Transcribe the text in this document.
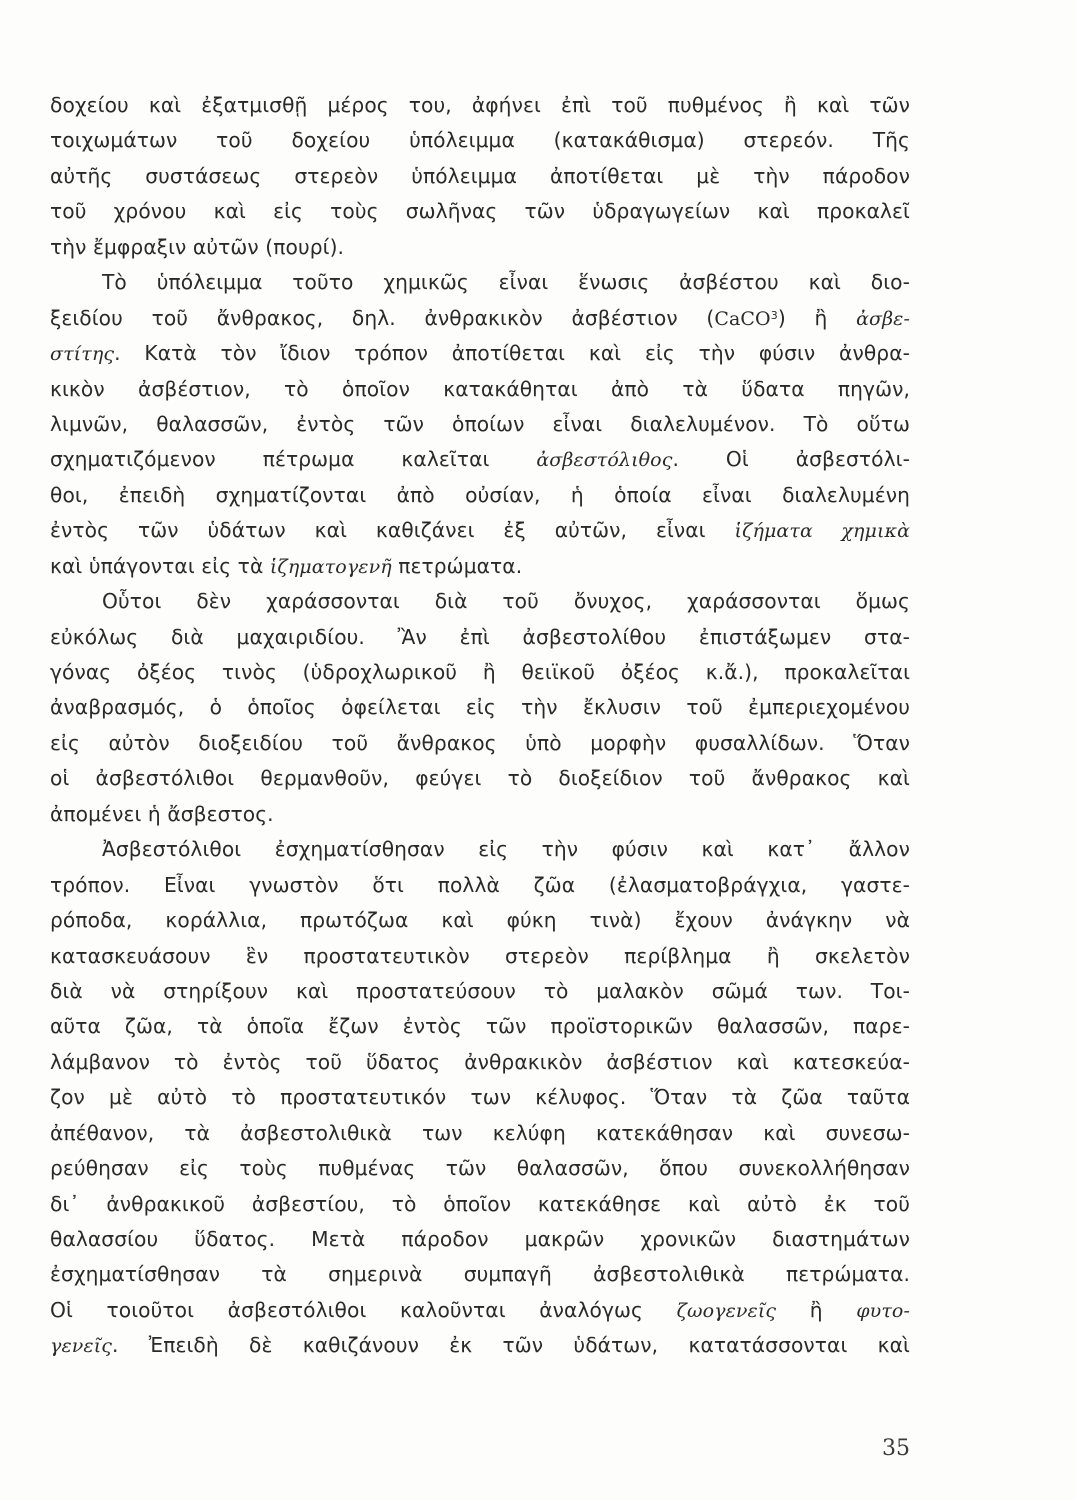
δοχείου καὶ ἐξατμισθῇ μέρος του, ἀφήνει ἐπὶ τοῦ πυθμένος ἢ καὶ τῶν
τοιχωμάτων τοῦ δοχείου ὑπόλειμμα (κατακάθισμα) στερεόν. Τῆς
αὐτῆς συστάσεως στερεὸν ὑπόλειμμα ἀποτίθεται μὲ τὴν πάροδον
τοῦ χρόνου καὶ εἰς τοὺς σωλῆνας τῶν ὑδραγωγείων καὶ προκαλεῖ
τὴν ἔμφραξιν αὐτῶν (πουρί).
Τὸ ὑπόλειμμα τοῦτο χημικῶς εἶναι ἕνωσις ἀσβέστου καὶ διο-
ξειδίου τοῦ ἄνθρακος, δηλ. ἀνθρακικὸν ἀσβέστιον (CaCO$^3$) ἢ ἀσβε-
στίτης. Κατὰ τὸν ἴδιον τρόπον ἀποτίθεται καὶ εἰς τὴν φύσιν ἀνθρα-
κικὸν ἀσβέστιον, τὸ ὁποῖον κατακάθηται ἀπὸ τὰ ὕδατα πηγῶν,
λιμνῶν, θαλασσῶν, ἐντὸς τῶν ὁποίων εἶναι διαλελυμένον. Τὸ οὕτω
σχηματιζόμενον πέτρωμα καλεῖται ἀσβεστόλιθος. Οἱ ἀσβεστόλι-
θοι, ἐπειδὴ σχηματίζονται ἀπὸ οὐσίαν, ἡ ὁποία εἶναι διαλελυμένη
ἐντὸς τῶν ὑδάτων καὶ καθιζάνει ἐξ αὐτῶν, εἶναι ἱζήματα χημικὰ
καὶ ὑπάγονται εἰς τὰ ἱζηματογενῆ πετρώματα.
Οὗτοι δὲν χαράσσονται διὰ τοῦ ὄνυχος, χαράσσονται ὅμως
εὐκόλως διὰ μαχαιριδίου. Ἂν ἐπὶ ἀσβεστολίθου ἐπιστάξωμεν στα-
γόνας ὀξέος τινὸς (ὑδροχλωρικοῦ ἢ θειϊκοῦ ὀξέος κ.ἄ.), προκαλεῖται
ἀναβρασμός, ὁ ὁποῖος ὀφείλεται εἰς τὴν ἔκλυσιν τοῦ ἐμπεριεχομένου
εἰς αὐτὸν διοξειδίου τοῦ ἄνθρακος ὑπὸ μορφὴν φυσαλλίδων. Ὅταν
οἱ ἀσβεστόλιθοι θερμανθοῦν, φεύγει τὸ διοξείδιον τοῦ ἄνθρακος καὶ
ἀπομένει ἡ ἄσβεστος.
Ἀσβεστόλιθοι ἐσχηματίσθησαν εἰς τὴν φύσιν καὶ κατ᾽ ἄλλον
τρόπον. Εἶναι γνωστὸν ὅτι πολλὰ ζῶα (ἐλασματοβράγχια, γαστε-
ρόποδα, κοράλλια, πρωτόζωα καὶ φύκη τινὰ) ἔχουν ἀνάγκην νὰ
κατασκευάσουν ἓν προστατευτικὸν στερεὸν περίβλημα ἢ σκελετὸν
διὰ νὰ στηρίξουν καὶ προστατεύσουν τὸ μαλακὸν σῶμά των. Τοι-
αῦτα ζῶα, τὰ ὁποῖα ἔζων ἐντὸς τῶν προϊστορικῶν θαλασσῶν, παρε-
λάμβανον τὸ ἐντὸς τοῦ ὕδατος ἀνθρακικὸν ἀσβέστιον καὶ κατεσκεύα-
ζον μὲ αὐτὸ τὸ προστατευτικόν των κέλυφος. Ὅταν τὰ ζῶα ταῦτα
ἀπέθανον, τὰ ἀσβεστολιθικὰ των κελύφη κατεκάθησαν καὶ συνεσω-
ρεύθησαν εἰς τοὺς πυθμένας τῶν θαλασσῶν, ὅπου συνεκολλήθησαν
δι᾽ ἀνθρακικοῦ ἀσβεστίου, τὸ ὁποῖον κατεκάθησε καὶ αὐτὸ ἐκ τοῦ
θαλασσίου ὕδατος. Μετὰ πάροδον μακρῶν χρονικῶν διαστημάτων
ἐσχηματίσθησαν τὰ σημερινὰ συμπαγῆ ἀσβεστολιθικὰ πετρώματα.
Οἱ τοιοῦτοι ἀσβεστόλιθοι καλοῦνται ἀναλόγως ζωογενεῖς ἢ φυτο-
γενεῖς. Ἐπειδὴ δὲ καθιζάνουν ἐκ τῶν ὑδάτων, κατατάσσονται καὶ
35
